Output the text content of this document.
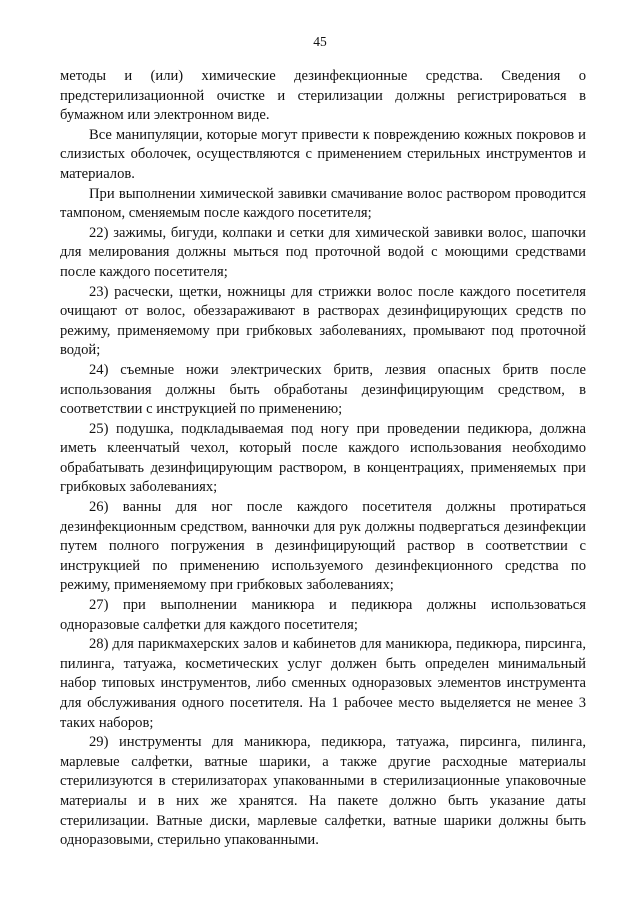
45

методы и (или) химические дезинфекционные средства. Сведения о предстерилизационной очистке и стерилизации должны регистрироваться в бумажном или электронном виде.

Все манипуляции, которые могут привести к повреждению кожных покровов и слизистых оболочек, осуществляются с применением стерильных инструментов и материалов.

При выполнении химической завивки смачивание волос раствором проводится тампоном, сменяемым после каждого посетителя;

22) зажимы, бигуди, колпаки и сетки для химической завивки волос, шапочки для мелирования должны мыться под проточной водой с моющими средствами после каждого посетителя;

23) расчески, щетки, ножницы для стрижки волос после каждого посетителя очищают от волос, обеззараживают в растворах дезинфицирующих средств по режиму, применяемому при грибковых заболеваниях, промывают под проточной водой;

24) съемные ножи электрических бритв, лезвия опасных бритв после использования должны быть обработаны дезинфицирующим средством, в соответствии с инструкцией по применению;

25) подушка, подкладываемая под ногу при проведении педикюра, должна иметь клеенчатый чехол, который после каждого использования необходимо обрабатывать дезинфицирующим раствором, в концентрациях, применяемых при грибковых заболеваниях;

26) ванны для ног после каждого посетителя должны протираться дезинфекционным средством, ванночки для рук должны подвергаться дезинфекции путем полного погружения в дезинфицирующий раствор в соответствии с инструкцией по применению используемого дезинфекционного средства по режиму, применяемому при грибковых заболеваниях;

27) при выполнении маникюра и педикюра должны использоваться одноразовые салфетки для каждого посетителя;

28) для парикмахерских залов и кабинетов для маникюра, педикюра, пирсинга, пилинга, татуажа, косметических услуг должен быть определен минимальный набор типовых инструментов, либо сменных одноразовых элементов инструмента для обслуживания одного посетителя. На 1 рабочее место выделяется не менее 3 таких наборов;

29) инструменты для маникюра, педикюра, татуажа, пирсинга, пилинга, марлевые салфетки, ватные шарики, а также другие расходные материалы стерилизуются в стерилизаторах упакованными в стерилизационные упаковочные материалы и в них же хранятся. На пакете должно быть указание даты стерилизации. Ватные диски, марлевые салфетки, ватные шарики должны быть одноразовыми, стерильно упакованными.
